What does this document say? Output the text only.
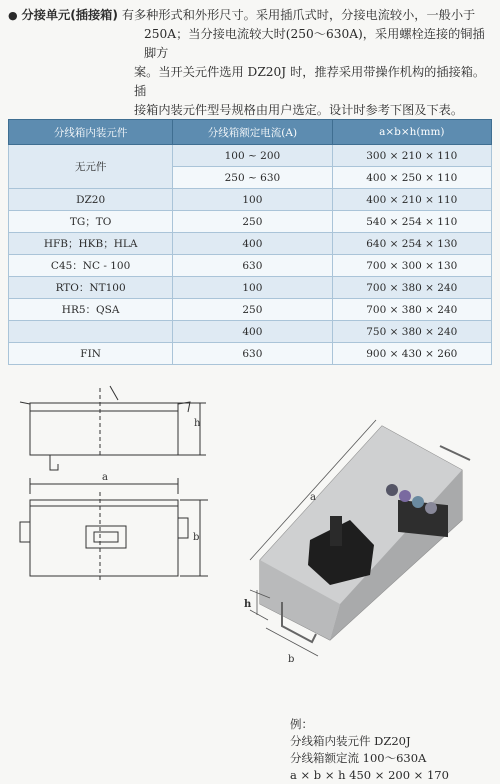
● 分接单元(插接箱) 有多种形式和外形尺寸。采用插爪式时，分接电流较小，一般小于
250A；当分接电流较大时(250～630A)，采用螺栓连接的铜插脚方
案。当开关元件选用 DZ20J 时，推荐采用带操作机构的插接箱。插
接箱内装元件型号规格由用户选定。设计时参考下图及下表。
分线箱内装元件	分线箱额定电流(A)	a×b×h(mm)
无元件	100 ~ 200	300 × 210 × 110
	250 ~ 630	400 × 250 × 110
DZ20	100	400 × 210 × 110
TG；TO	250	540 × 254 × 110
HFB；HKB；HLA	400	640 × 254 × 130
C45：NC - 100	630	700 × 300 × 130
RTO：NT100	100	700 × 380 × 240
HR5：QSA	250	700 × 380 × 240
	400	750 × 380 × 240
FIN	630	900 × 430 × 260
h
a
b
a
h
b
例：
分线箱内装元件 DZ20J
分线箱额定流 100～630A
a × b × h 450 × 200 × 170
